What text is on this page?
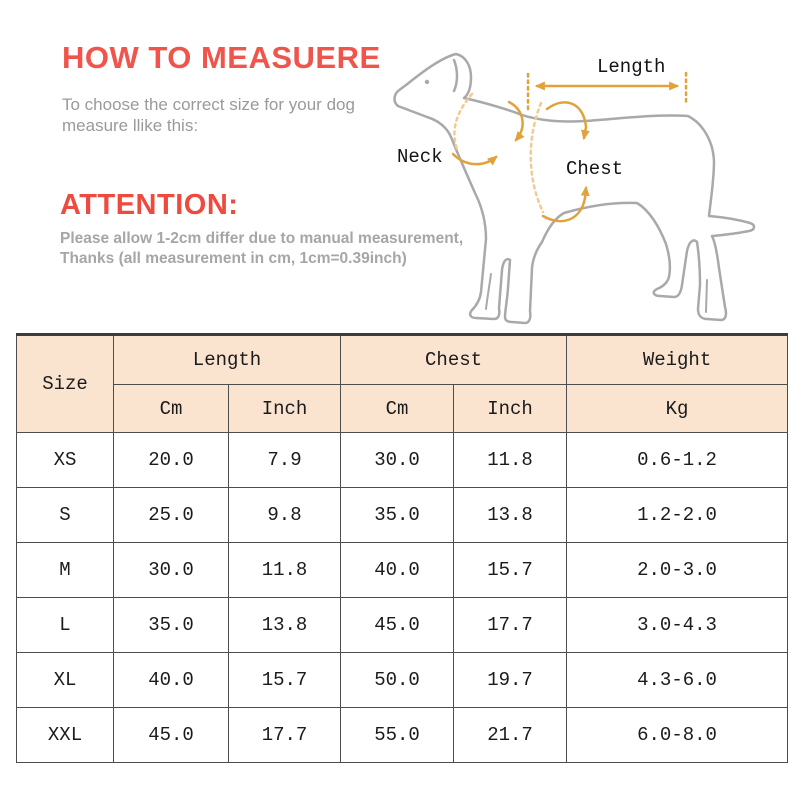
HOW TO MEASUERE
To choose the correct size for your dog
measure llike this:
ATTENTION:
Please allow 1-2cm differ due to manual measurement,
Thanks (all measurement in cm, 1cm=0.39inch)
Length
Neck
Chest
Size	Length		Chest		Weight
	Cm	Inch	Cm	Inch	Kg
XS	20.0	7.9	30.0	11.8	0.6-1.2
S	25.0	9.8	35.0	13.8	1.2-2.0
M	30.0	11.8	40.0	15.7	2.0-3.0
L	35.0	13.8	45.0	17.7	3.0-4.3
XL	40.0	15.7	50.0	19.7	4.3-6.0
XXL	45.0	17.7	55.0	21.7	6.0-8.0
